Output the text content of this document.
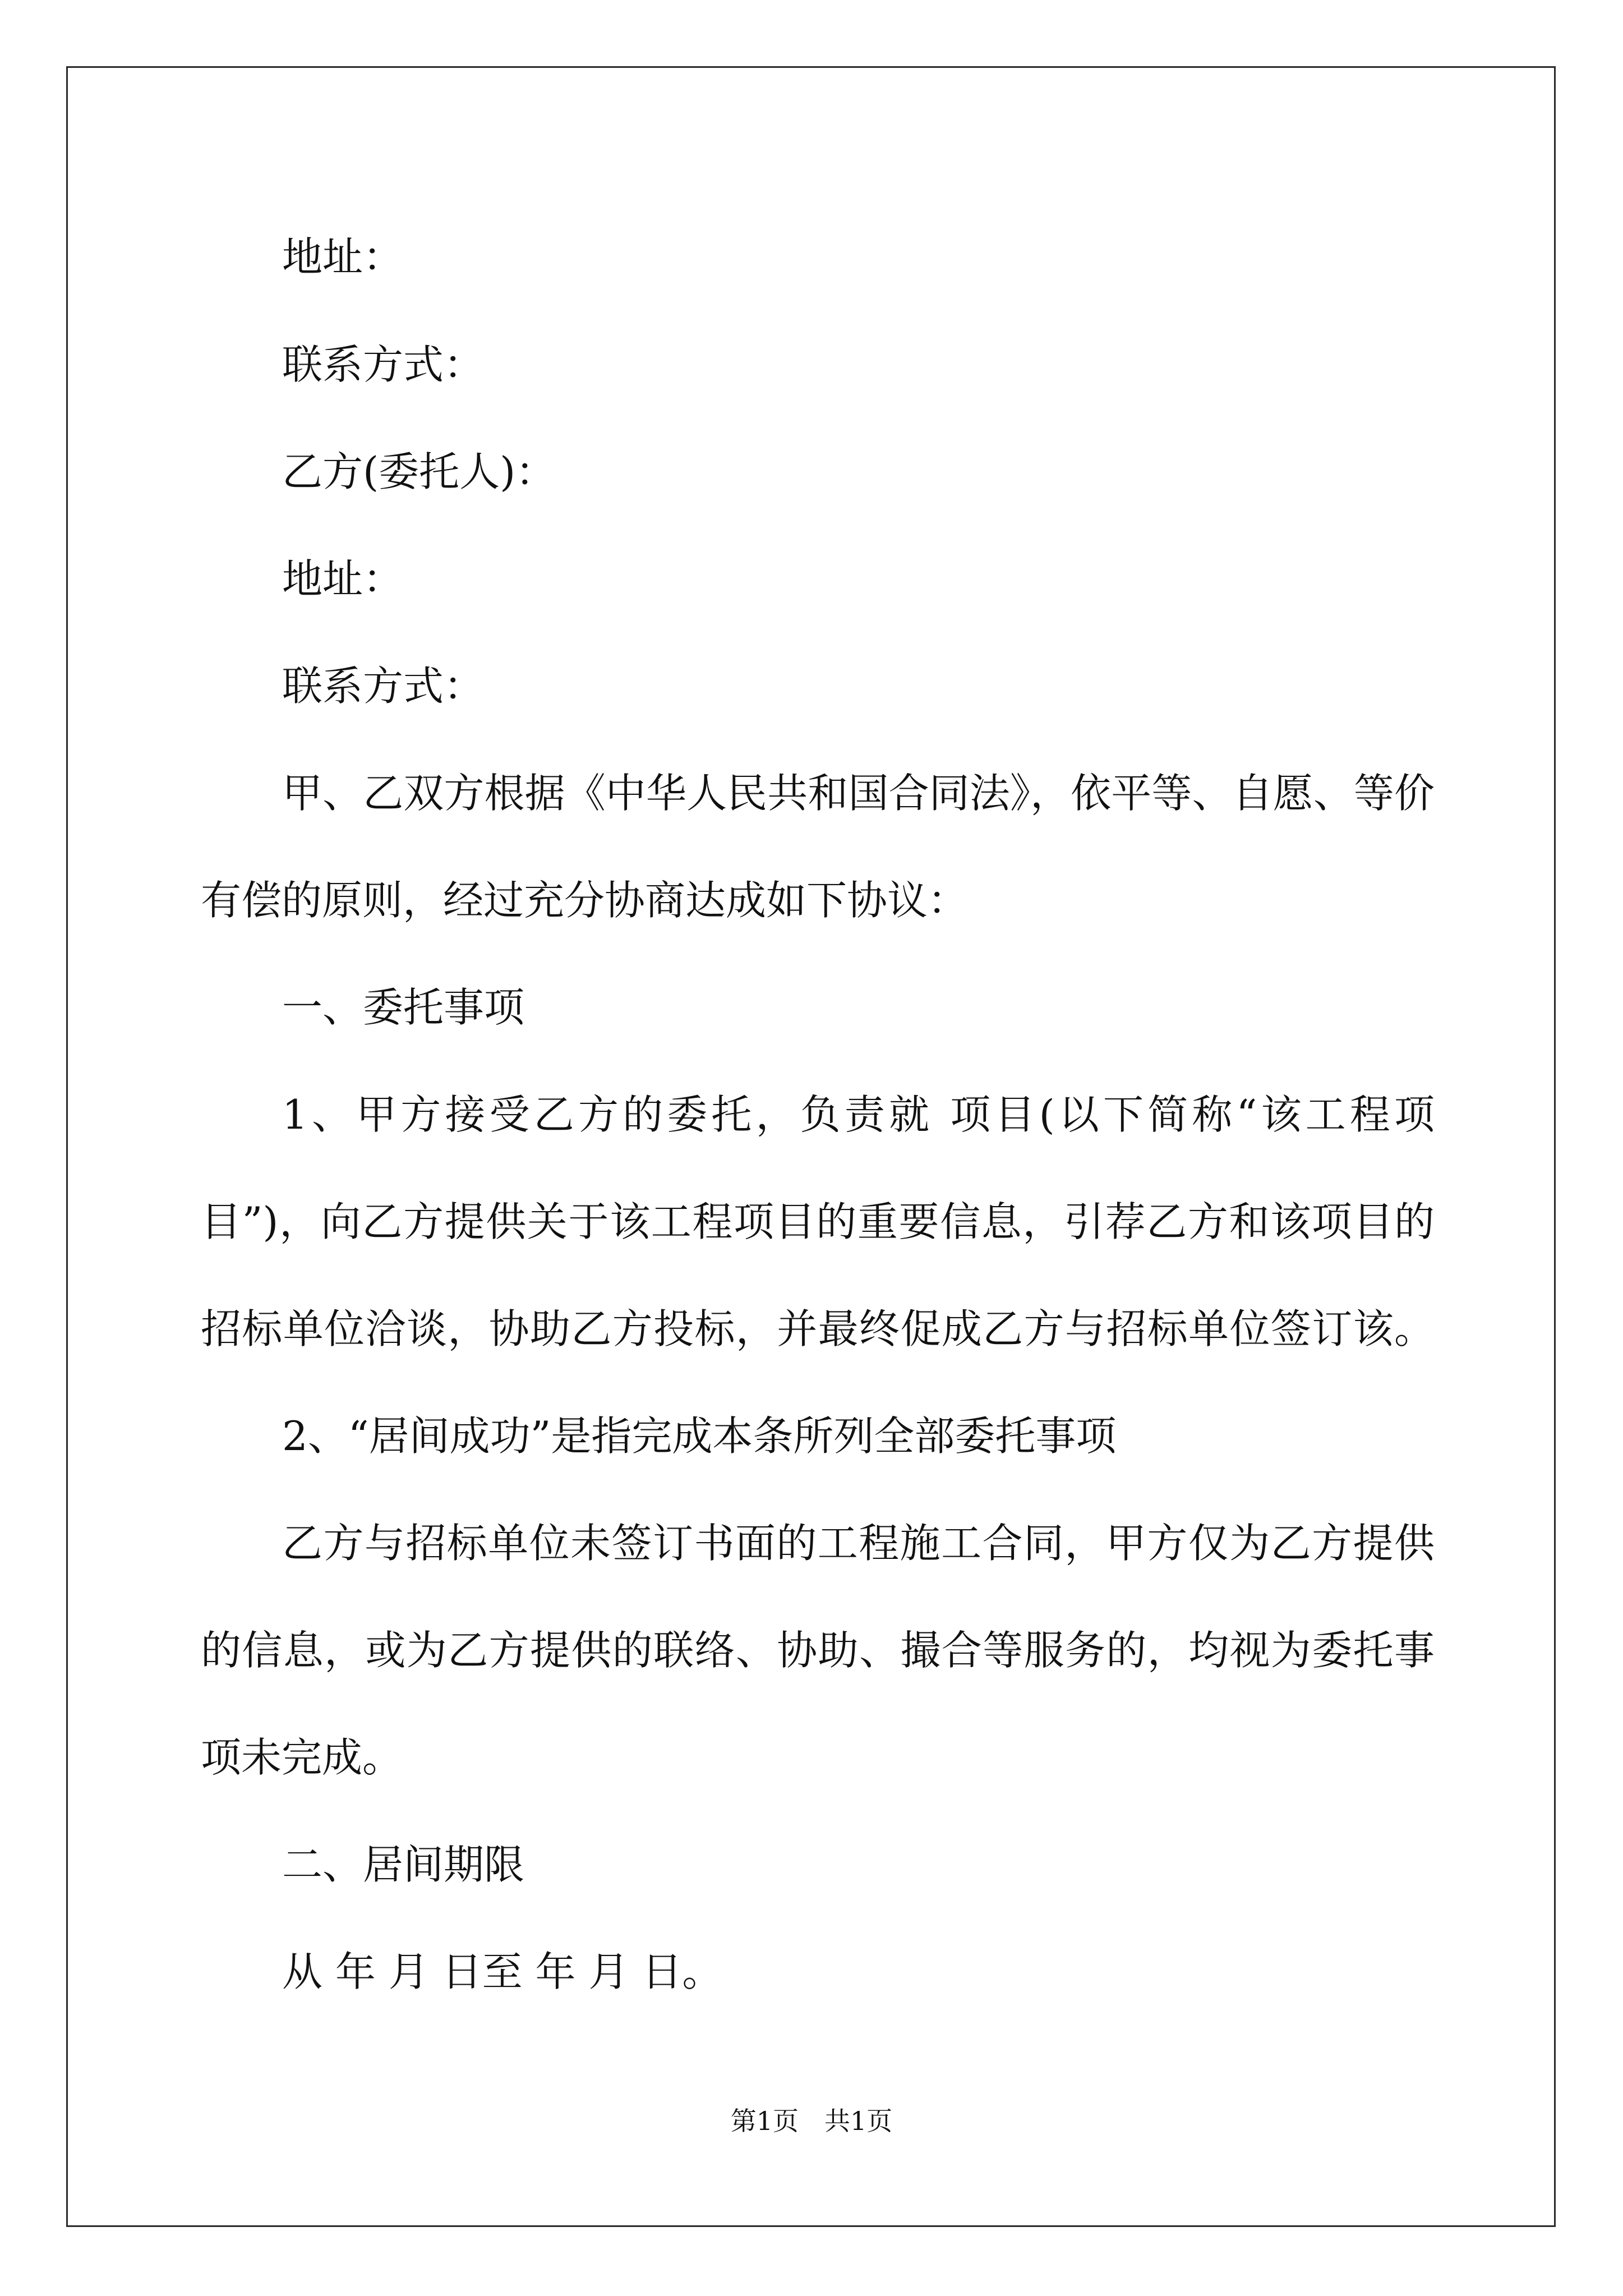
地址：
联系方式：
乙方(委托人)：
地址：
联系方式：
甲、乙双方根据《中华人民共和国合同法》，依平等、自愿、等价
有偿的原则，经过充分协商达成如下协议：
一、委托事项
1、甲方接受乙方的委托，负责就 项目(以下简称“该工程项
目”)，向乙方提供关于该工程项目的重要信息，引荐乙方和该项目的
招标单位洽谈，协助乙方投标，并最终促成乙方与招标单位签订该。
2、“居间成功”是指完成本条所列全部委托事项
乙方与招标单位未签订书面的工程施工合同，甲方仅为乙方提供
的信息，或为乙方提供的联络、协助、撮合等服务的，均视为委托事
项未完成。
二、居间期限
从 年 月 日至 年 月 日。
第1页　共1页
